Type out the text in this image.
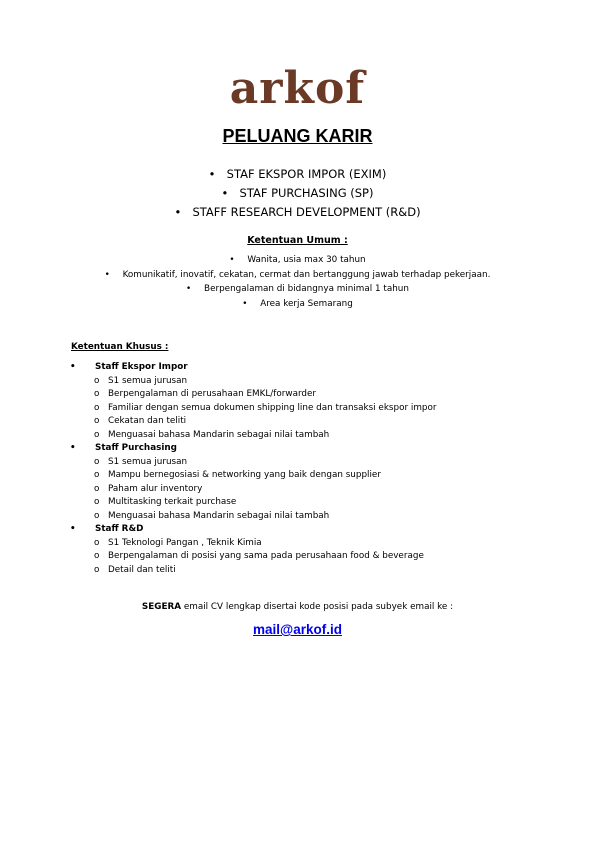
arkof
PELUANG KARIR
• STAF EKSPOR IMPOR (EXIM)
• STAF PURCHASING (SP)
• STAFF RESEARCH DEVELOPMENT (R&D)
Ketentuan Umum :
• Wanita, usia max 30 tahun
• Komunikatif, inovatif, cekatan, cermat dan bertanggung jawab terhadap pekerjaan.
• Berpengalaman di bidangnya minimal 1 tahun
• Area kerja Semarang
Ketentuan Khusus :
• Staff Ekspor Impor
o S1 semua jurusan
o Berpengalaman di perusahaan EMKL/forwarder
o Familiar dengan semua dokumen shipping line dan transaksi ekspor impor
o Cekatan dan teliti
o Menguasai bahasa Mandarin sebagai nilai tambah
• Staff Purchasing
o S1 semua jurusan
o Mampu bernegosiasi & networking yang baik dengan supplier
o Paham alur inventory
o Multitasking terkait purchase
o Menguasai bahasa Mandarin sebagai nilai tambah
• Staff R&D
o S1 Teknologi Pangan , Teknik Kimia
o Berpengalaman di posisi yang sama pada perusahaan food & beverage
o Detail dan teliti
SEGERA email CV lengkap disertai kode posisi pada subyek email ke :
mail@arkof.id
